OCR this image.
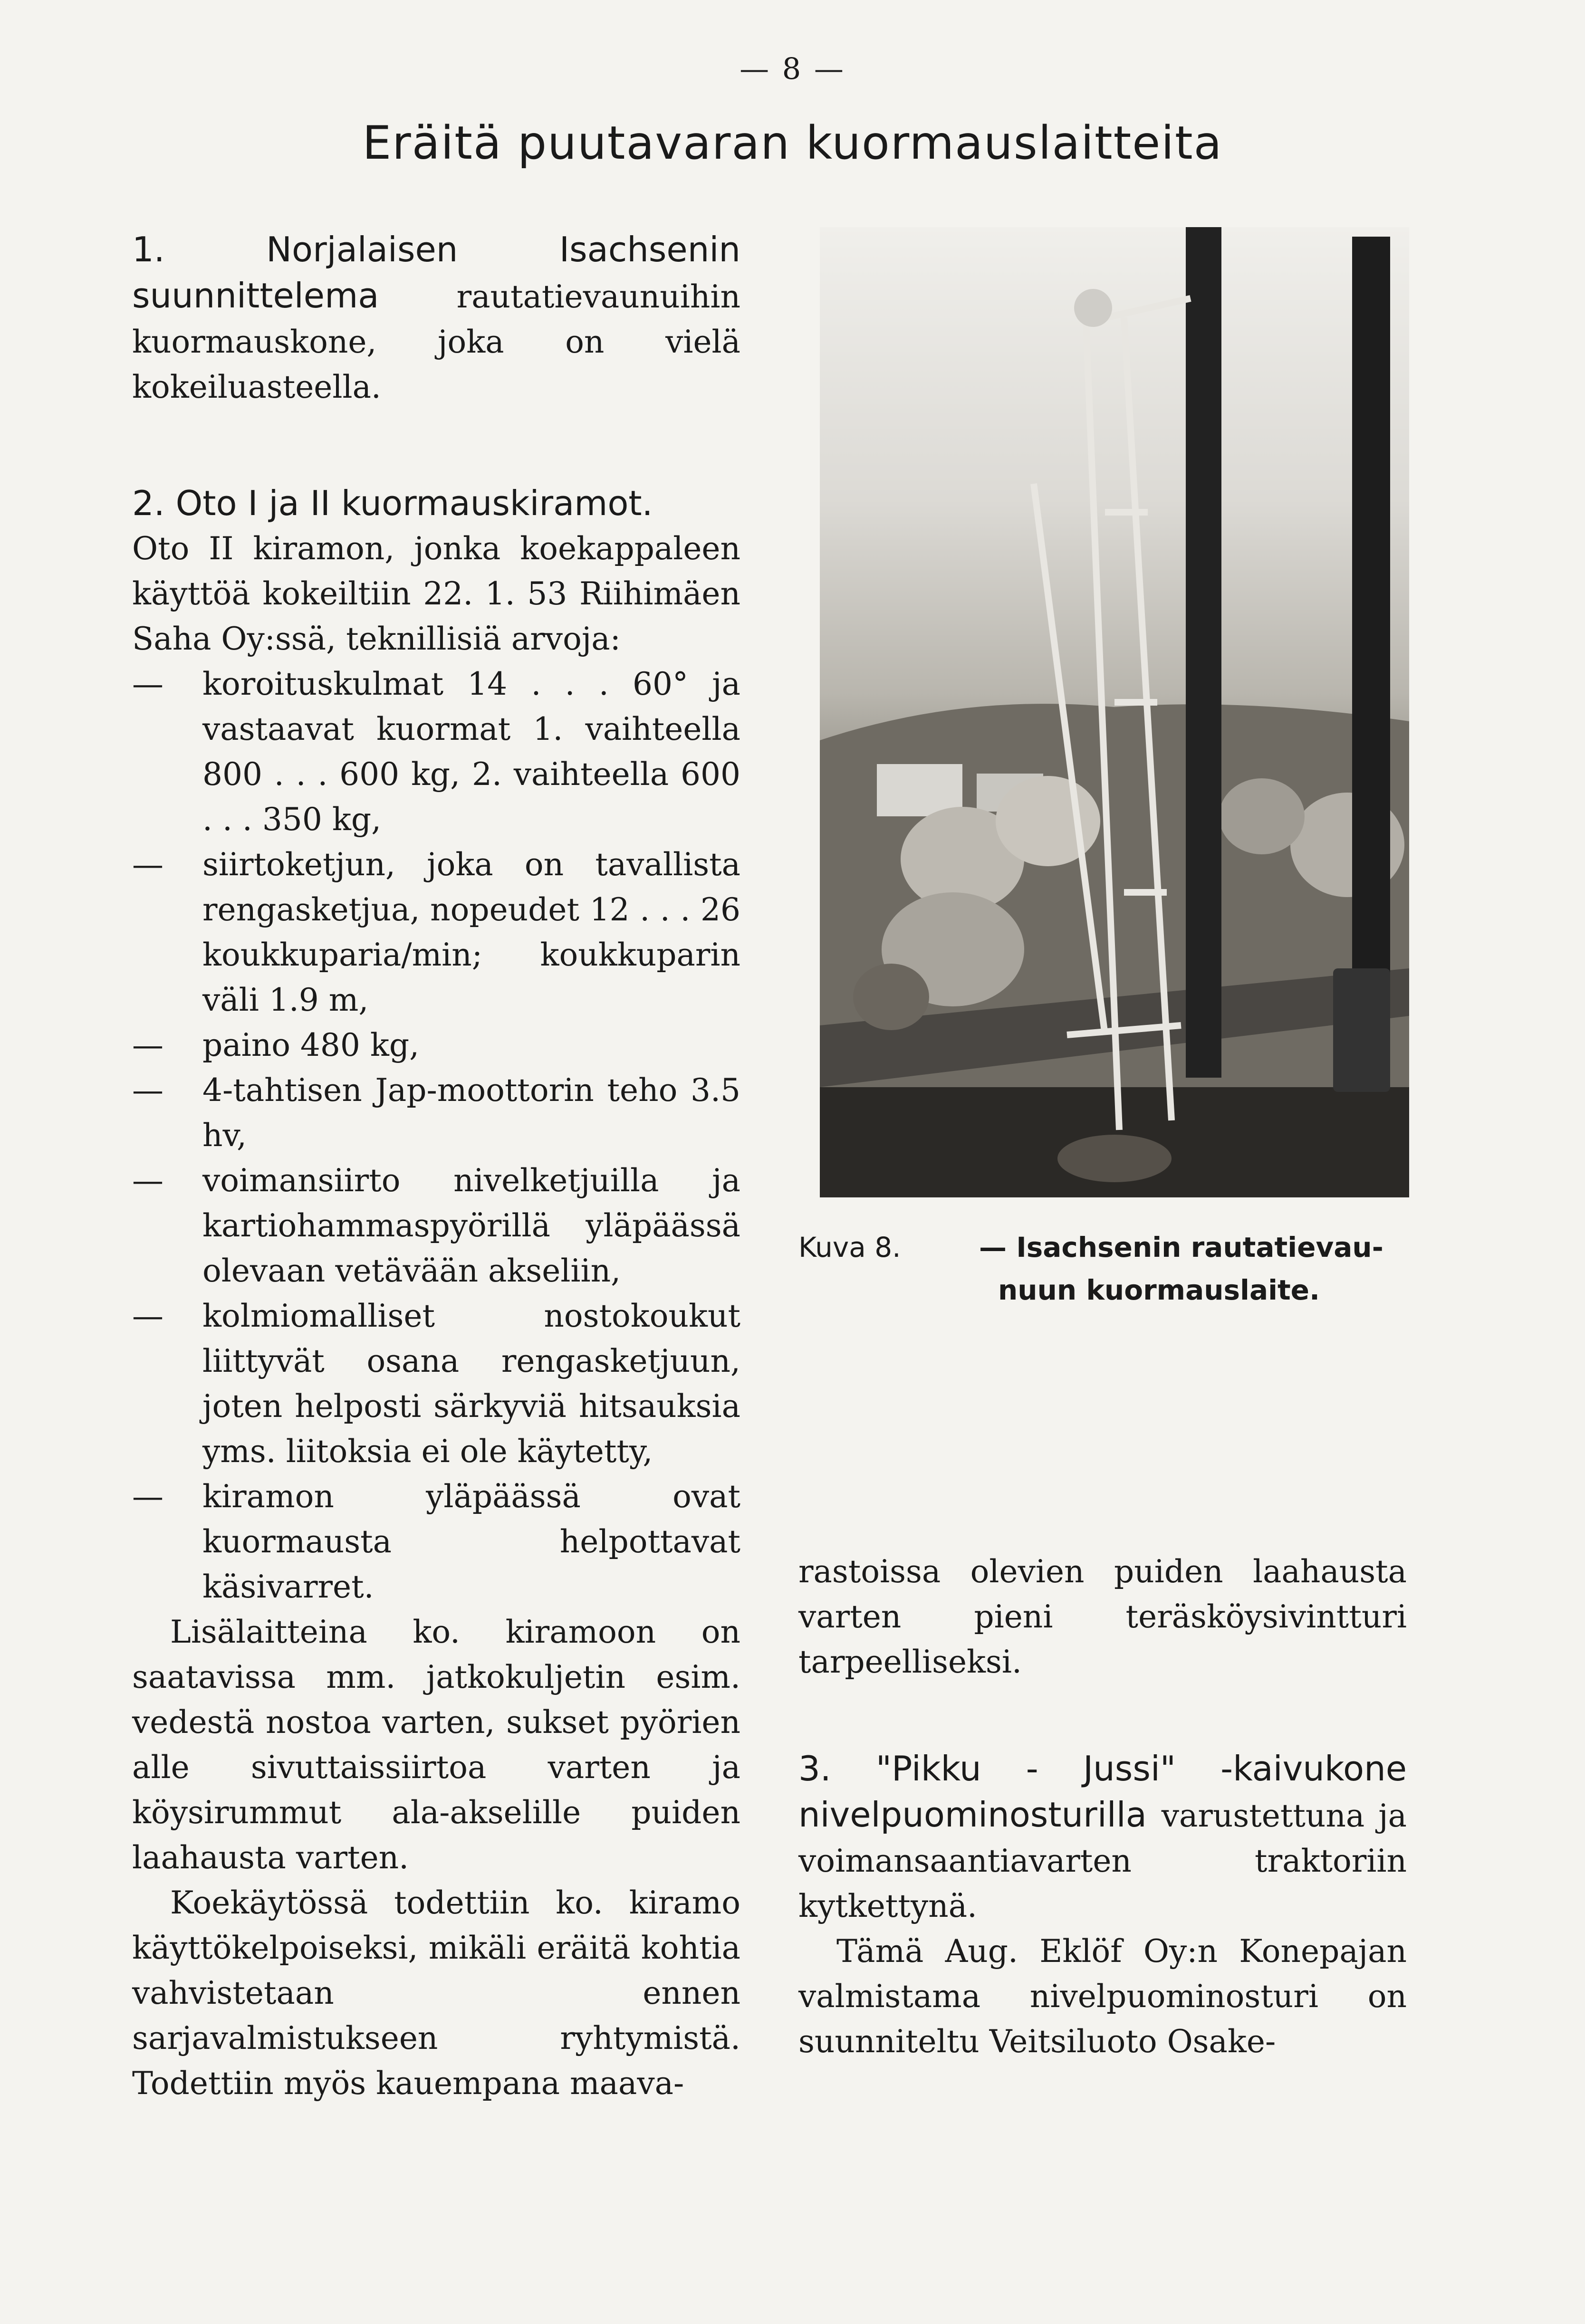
— 8 —
Eräitä puutavaran kuormauslaitteita

1.	Norjalaisen Isachsenin suunnittelema rautatievaunuihin kuormauskone, joka on vielä kokeiluasteella.

2. Oto I ja II kuormauskiramot.

Oto II kiramon, jonka koekappaleen käyttöä kokeiltiin 22. 1. 53 Riihimäen Saha Oy:ssä, teknillisiä arvoja:

— koroituskulmat 14 . . . 60° ja vastaavat kuormat 1. vaihteella 800 . . . 600 kg, 2. vaihteella 600 . . . 350 kg,
— siirtoketjun, joka on tavallista rengasketjua, nopeudet 12 . . . 26 koukkuparia/min; koukkuparin väli 1.9 m,
— paino 480 kg,
— 4-tahtisen Jap-moottorin teho 3.5 hv,
— voimansiirto nivelketjuilla ja kartiohammaspyörillä yläpäässä olevaan vetävään akseliin,
— kolmiomalliset nostokoukut liittyvät osana rengasketjuun, joten helposti särkyviä hitsauksia yms. liitoksia ei ole käytetty,
— kiramon yläpäässä ovat kuormausta helpottavat käsivarret.

Lisälaitteina ko. kiramoon on saatavissa mm. jatkokuljetin esim. vedestä nostoa varten, sukset pyörien alle sivuttaissiirtoa varten ja köysirummut ala-akselille puiden laahausta varten.

Koekäytössä todettiin ko. kiramo käyttökelpoiseksi, mikäli eräitä kohtia vahvistetaan ennen sarjavalmistukseen ryhtymistä. Todettiin myös kauempana maava-

Kuva 8.	— Isachsenin rautatievau-
nuun kuormauslaite.

rastoissa olevien puiden laahausta varten pieni teräsköysivintturi tarpeelliseksi.

3. "Pikku - Jussi" -kaivukone nivelpuominosturilla varustettuna ja voimansaantiavarten traktoriin kytkettynä.

Tämä Aug. Eklöf Oy:n Konepajan valmistama nivelpuominosturi on suunniteltu Veitsiluoto Osake-
